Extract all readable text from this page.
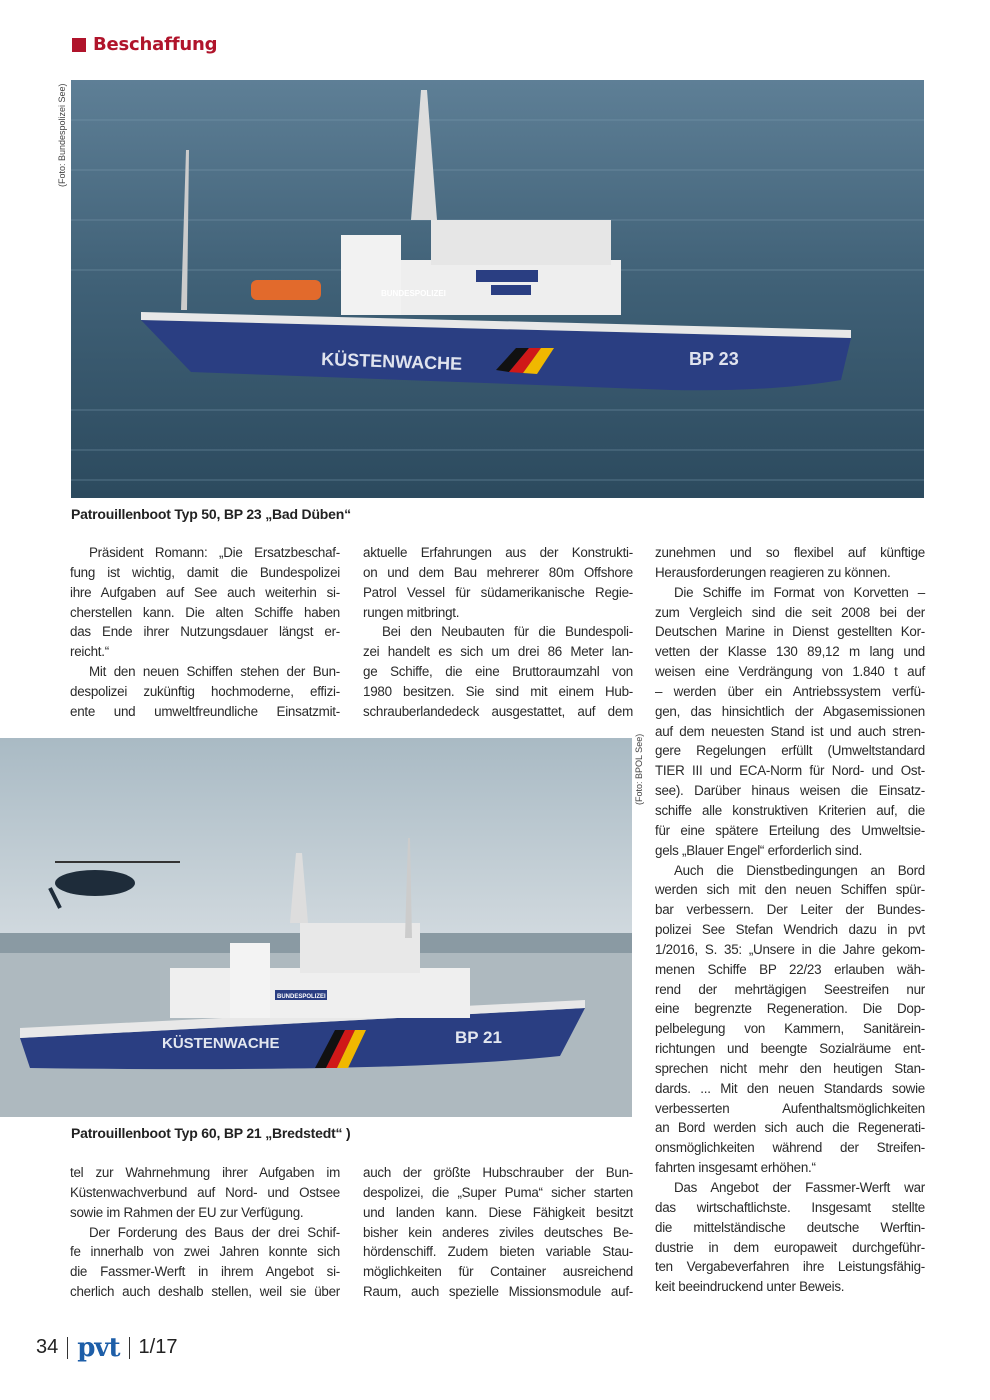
Beschaffung
(Foto: Bundespolizei See)
KÜSTENWACHE	BP 23
BUNDESPOLIZEI
Patrouillenboot Typ 50, BP 23 „Bad Düben“
Präsident Romann: „Die Ersatzbeschaf-
fung ist wichtig, damit die Bundespolizei
ihre Aufgaben auf See auch weiterhin si-
cherstellen kann. Die alten Schiffe haben
das Ende ihrer Nutzungsdauer längst er-
reicht.“
Mit den neuen Schiffen stehen der Bun-
despolizei zukünftig hochmoderne, effizi-
ente und umweltfreundliche Einsatzmit-
aktuelle Erfahrungen aus der Konstrukti-
on und dem Bau mehrerer 80m Offshore
Patrol Vessel für südamerikanische Regie-
rungen mitbringt.
Bei den Neubauten für die Bundespoli-
zei handelt es sich um drei 86 Meter lan-
ge Schiffe, die eine Bruttoraumzahl von
1980 besitzen. Sie sind mit einem Hub-
schrauberlandedeck ausgestattet, auf dem
zunehmen und so flexibel auf künftige
Herausforderungen reagieren zu können.
Die Schiffe im Format von Korvetten –
zum Vergleich sind die seit 2008 bei der
Deutschen Marine in Dienst gestellten Kor-
vetten der Klasse 130 89,12 m lang und
weisen eine Verdrängung von 1.840 t auf
– werden über ein Antriebssystem verfü-
gen, das hinsichtlich der Abgasemissionen
auf dem neuesten Stand ist und auch stren-
gere Regelungen erfüllt (Umweltstandard
TIER III und ECA-Norm für Nord- und Ost-
see). Darüber hinaus weisen die Einsatz-
schiffe alle konstruktiven Kriterien auf, die
für eine spätere Erteilung des Umweltsie-
gels „Blauer Engel“ erforderlich sind.
Auch die Dienstbedingungen an Bord
werden sich mit den neuen Schiffen spür-
bar verbessern. Der Leiter der Bundes-
polizei See Stefan Wendrich dazu in pvt
1/2016, S. 35: „Unsere in die Jahre gekom-
menen Schiffe BP 22/23 erlauben wäh-
rend der mehrtägigen Seestreifen nur
eine begrenzte Regeneration. Die Dop-
pelbelegung von Kammern, Sanitärein-
richtungen und beengte Sozialräume ent-
sprechen nicht mehr den heutigen Stan-
dards. ... Mit den neuen Standards sowie
verbesserten Aufenthaltsmöglichkeiten
an Bord werden sich auch die Regenerati-
onsmöglichkeiten während der Streifen-
fahrten insgesamt erhöhen.“
Das Angebot der Fassmer-Werft war
das wirtschaftlichste. Insgesamt stellte
die mittelständische deutsche Werftin-
dustrie in dem europaweit durchgeführ-
ten Vergabeverfahren ihre Leistungsfähig-
keit beeindruckend unter Beweis.
KÜSTENWACHE	BP 21
BUNDESPOLIZEI
(Foto: BPOL See)
Patrouillenboot Typ 60, BP 21 „Bredstedt“ )
tel zur Wahrnehmung ihrer Aufgaben im
Küstenwachverbund auf Nord- und Ostsee
sowie im Rahmen der EU zur Verfügung.
Der Forderung des Baus der drei Schif-
fe innerhalb von zwei Jahren konnte sich
die Fassmer-Werft in ihrem Angebot si-
cherlich auch deshalb stellen, weil sie über
auch der größte Hubschrauber der Bun-
despolizei, die „Super Puma“ sicher starten
und landen kann. Diese Fähigkeit besitzt
bisher kein anderes ziviles deutsches Be-
hördenschiff. Zudem bieten variable Stau-
möglichkeiten für Container ausreichend
Raum, auch spezielle Missionsmodule auf-
34 pvt 1/17
